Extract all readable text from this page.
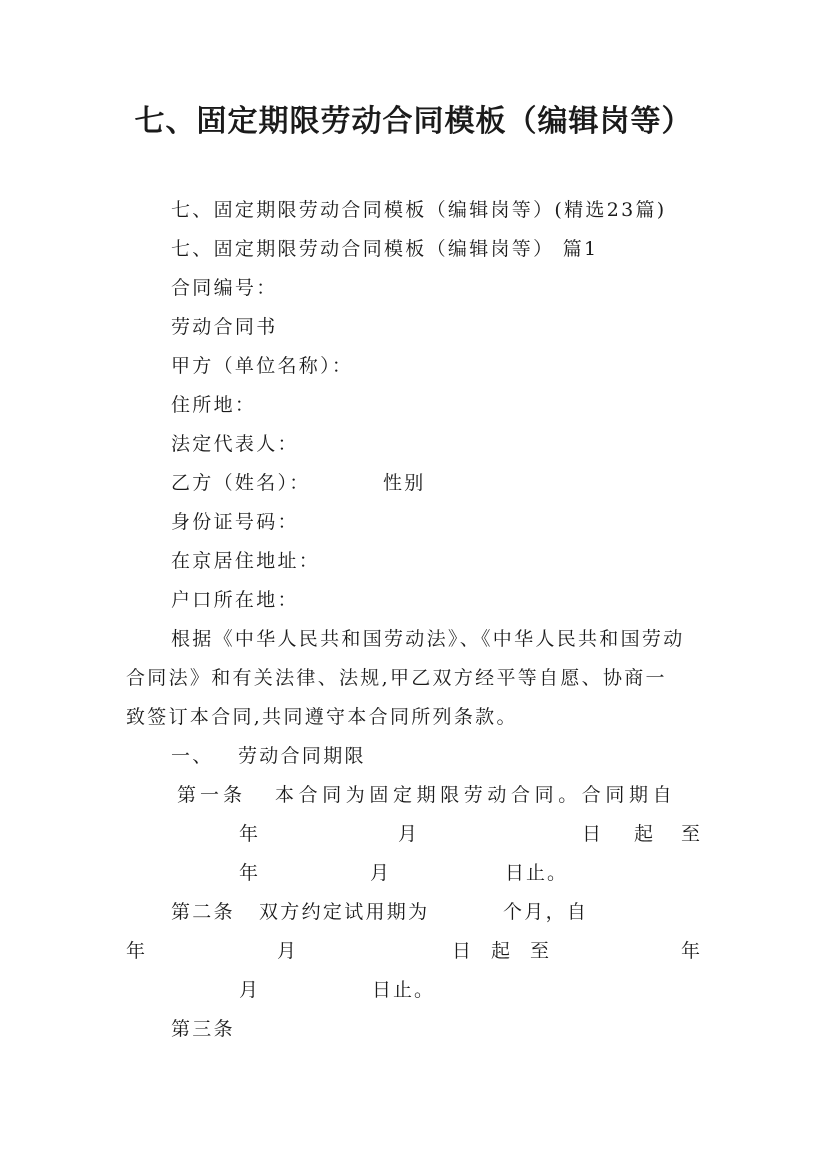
七、固定期限劳动合同模板（编辑岗等）
七、固定期限劳动合同模板（编辑岗等）(精选23篇)
七、固定期限劳动合同模板（编辑岗等） 篇1
合同编号：
劳动合同书
甲方（单位名称）：
住所地：
法定代表人：
乙方（姓名）：	性别
身份证号码：
在京居住地址：
户口所在地：
根据《中华人民共和国劳动法》、《中华人民共和国劳动
合同法》和有关法律、法规,甲乙双方经平等自愿、协商一
致签订本合同,共同遵守本合同所列条款。
一、 劳动合同期限
第一条 本合同为固定期限劳动合同。合同期自
年	月	日 起 至
年	月	日止。
第二条 双方约定试用期为	个月，自
年	月	日 起 至	年
月	日止。
第三条
